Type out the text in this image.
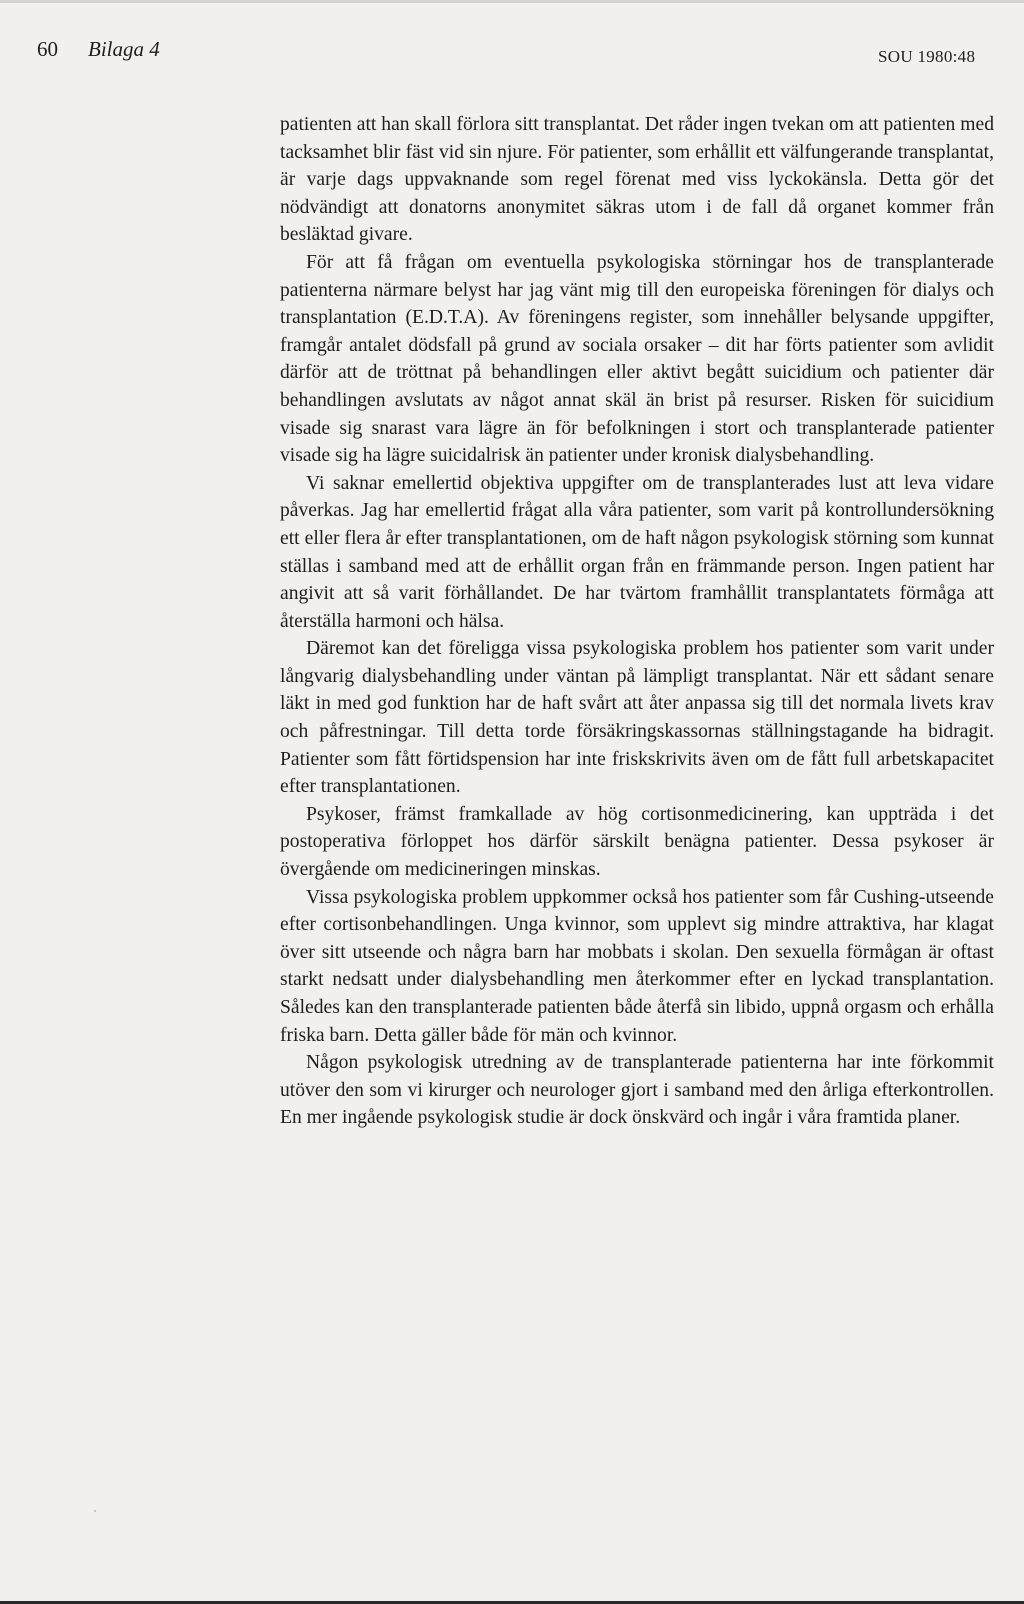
60 Bilaga 4	SOU 1980:48

patienten att han skall förlora sitt transplantat. Det råder ingen tvekan om att patienten med tacksamhet blir fäst vid sin njure. För patienter, som erhållit ett välfungerande transplantat, är varje dags uppvaknande som regel förenat med viss lyckokänsla. Detta gör det nödvändigt att donatorns anonymitet säkras utom i de fall då organet kommer från besläktad givare.

För att få frågan om eventuella psykologiska störningar hos de transplanterade patienterna närmare belyst har jag vänt mig till den europeiska föreningen för dialys och transplantation (E.D.T.A). Av föreningens register, som innehåller belysande uppgifter, framgår antalet dödsfall på grund av sociala orsaker – dit har förts patienter som avlidit därför att de tröttnat på behandlingen eller aktivt begått suicidium och patienter där behandlingen avslutats av något annat skäl än brist på resurser. Risken för suicidium visade sig snarast vara lägre än för befolkningen i stort och transplanterade patienter visade sig ha lägre suicidalrisk än patienter under kronisk dialysbehandling.

Vi saknar emellertid objektiva uppgifter om de transplanterades lust att leva vidare påverkas. Jag har emellertid frågat alla våra patienter, som varit på kontrollundersökning ett eller flera år efter transplantationen, om de haft någon psykologisk störning som kunnat ställas i samband med att de erhållit organ från en främmande person. Ingen patient har angivit att så varit förhållandet. De har tvärtom framhållit transplantatets förmåga att återställa harmoni och hälsa.

Däremot kan det föreligga vissa psykologiska problem hos patienter som varit under långvarig dialysbehandling under väntan på lämpligt transplantat. När ett sådant senare läkt in med god funktion har de haft svårt att åter anpassa sig till det normala livets krav och påfrestningar. Till detta torde försäkringskassornas ställningstagande ha bidragit. Patienter som fått förtidspension har inte friskskrivits även om de fått full arbetskapacitet efter transplantationen.

Psykoser, främst framkallade av hög cortisonmedicinering, kan uppträda i det postoperativa förloppet hos därför särskilt benägna patienter. Dessa psykoser är övergående om medicineringen minskas.

Vissa psykologiska problem uppkommer också hos patienter som får Cushing-utseende efter cortisonbehandlingen. Unga kvinnor, som upplevt sig mindre attraktiva, har klagat över sitt utseende och några barn har mobbats i skolan. Den sexuella förmågan är oftast starkt nedsatt under dialysbehandling men återkommer efter en lyckad transplantation. Således kan den transplanterade patienten både återfå sin libido, uppnå orgasm och erhålla friska barn. Detta gäller både för män och kvinnor.

Någon psykologisk utredning av de transplanterade patienterna har inte förkommit utöver den som vi kirurger och neurologer gjort i samband med den årliga efterkontrollen. En mer ingående psykologisk studie är dock önskvärd och ingår i våra framtida planer.
